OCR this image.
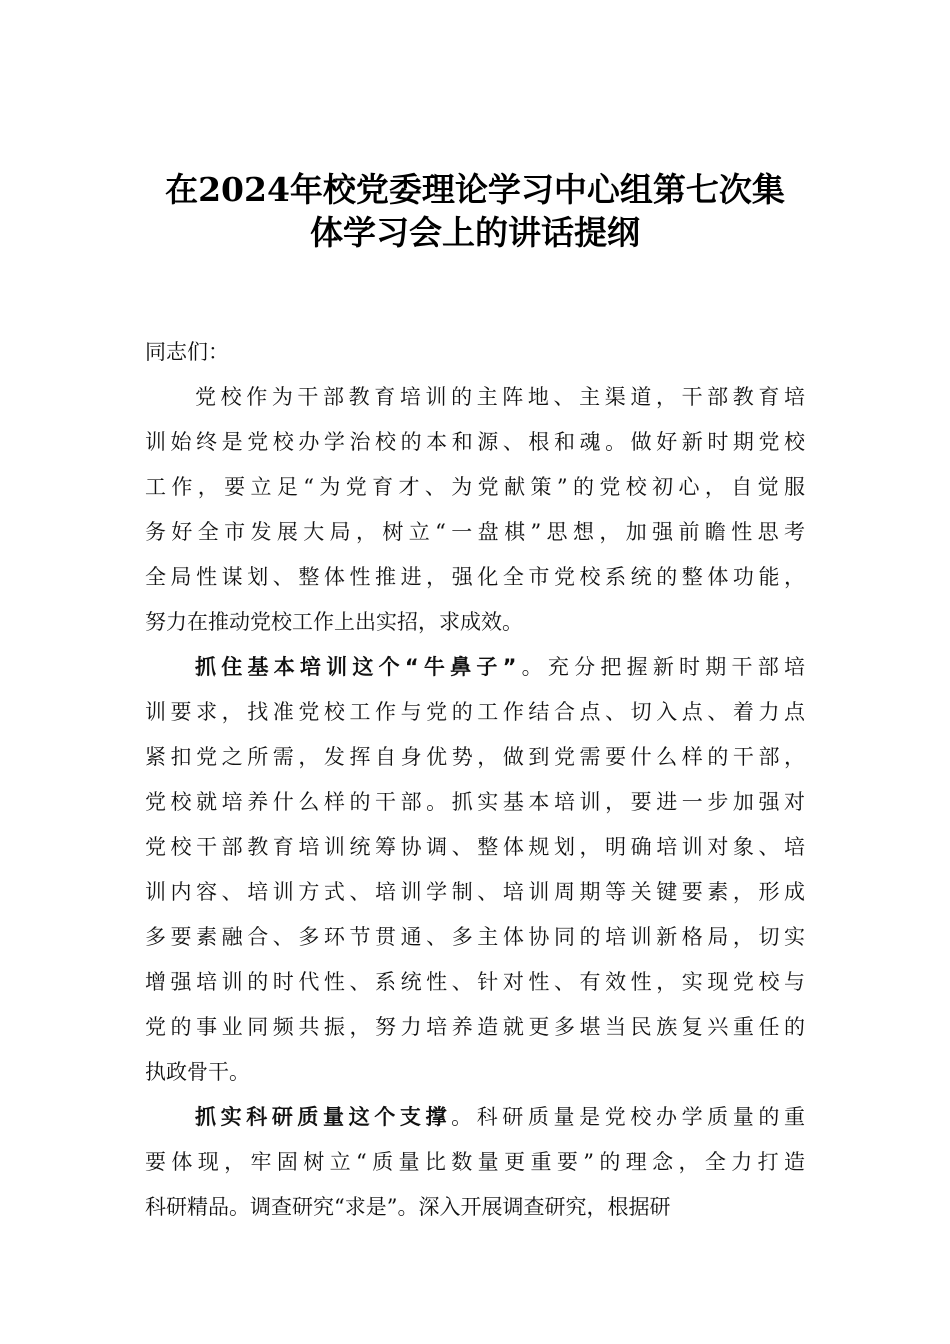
在2024年校党委理论学习中心组第七次集
体学习会上的讲话提纲
同志们：
党校作为干部教育培训的主阵地、主渠道，干部教育培
训始终是党校办学治校的本和源、根和魂。做好新时期党校
工作，要立足“为党育才、为党献策”的党校初心，自觉服
务好全市发展大局，树立“一盘棋”思想，加强前瞻性思考
全局性谋划、整体性推进，强化全市党校系统的整体功能，
努力在推动党校工作上出实招，求成效。
抓住基本培训这个“牛鼻子”。充分把握新时期干部培
训要求，找准党校工作与党的工作结合点、切入点、着力点
紧扣党之所需，发挥自身优势，做到党需要什么样的干部，
党校就培养什么样的干部。抓实基本培训，要进一步加强对
党校干部教育培训统筹协调、整体规划，明确培训对象、培
训内容、培训方式、培训学制、培训周期等关键要素，形成
多要素融合、多环节贯通、多主体协同的培训新格局，切实
增强培训的时代性、系统性、针对性、有效性，实现党校与
党的事业同频共振，努力培养造就更多堪当民族复兴重任的
执政骨干。
抓实科研质量这个支撑。科研质量是党校办学质量的重
要体现，牢固树立“质量比数量更重要”的理念，全力打造
科研精品。调查研究“求是”。深入开展调查研究，根据研
